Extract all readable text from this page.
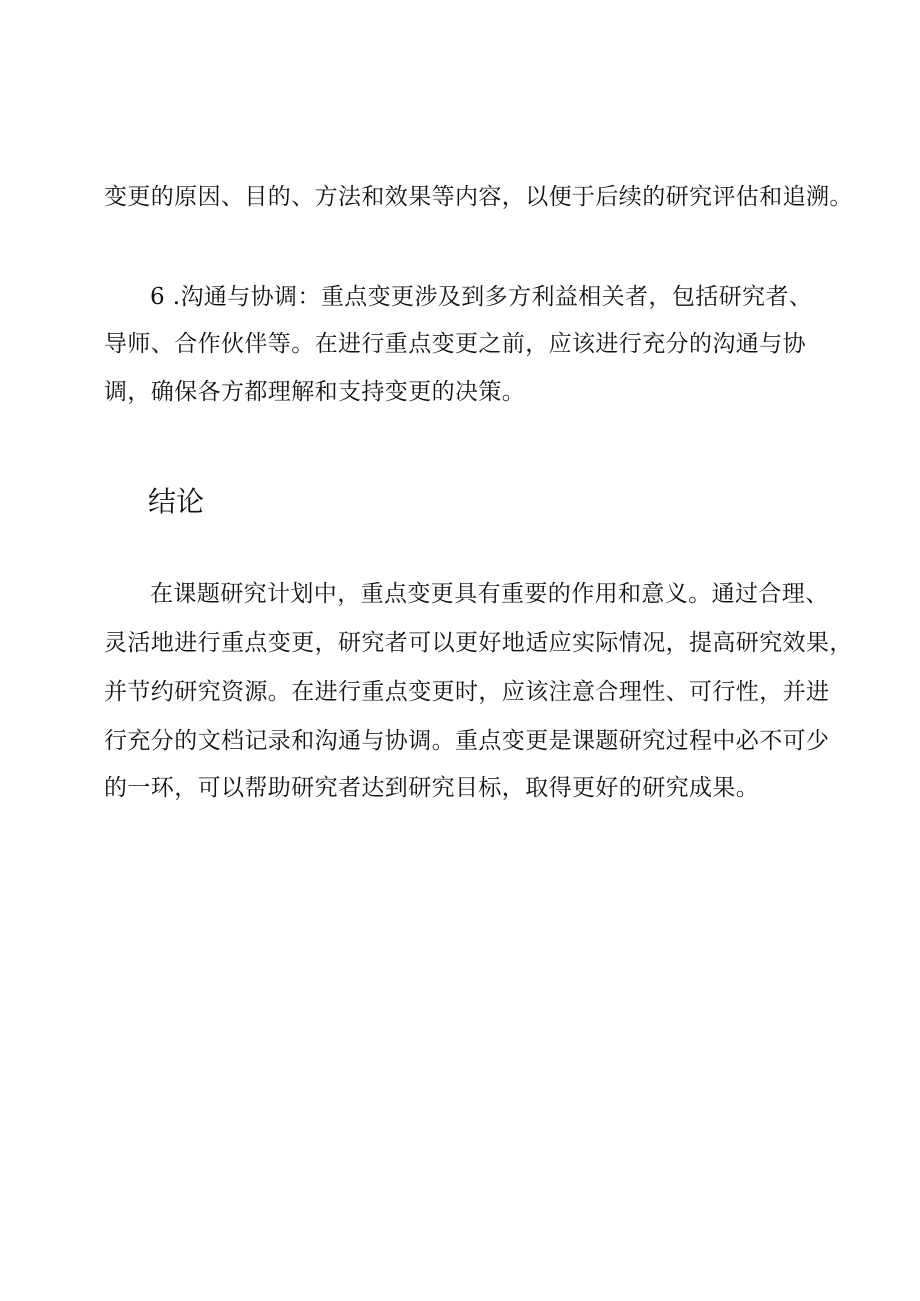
变更的原因、目的、方法和效果等内容，以便于后续的研究评估和追溯。
6 .沟通与协调：重点变更涉及到多方利益相关者，包括研究者、
导师、合作伙伴等。在进行重点变更之前，应该进行充分的沟通与协
调，确保各方都理解和支持变更的决策。
结论
在课题研究计划中，重点变更具有重要的作用和意义。通过合理、
灵活地进行重点变更，研究者可以更好地适应实际情况，提高研究效果，
并节约研究资源。在进行重点变更时，应该注意合理性、可行性，并进
行充分的文档记录和沟通与协调。重点变更是课题研究过程中必不可少
的一环，可以帮助研究者达到研究目标，取得更好的研究成果。
